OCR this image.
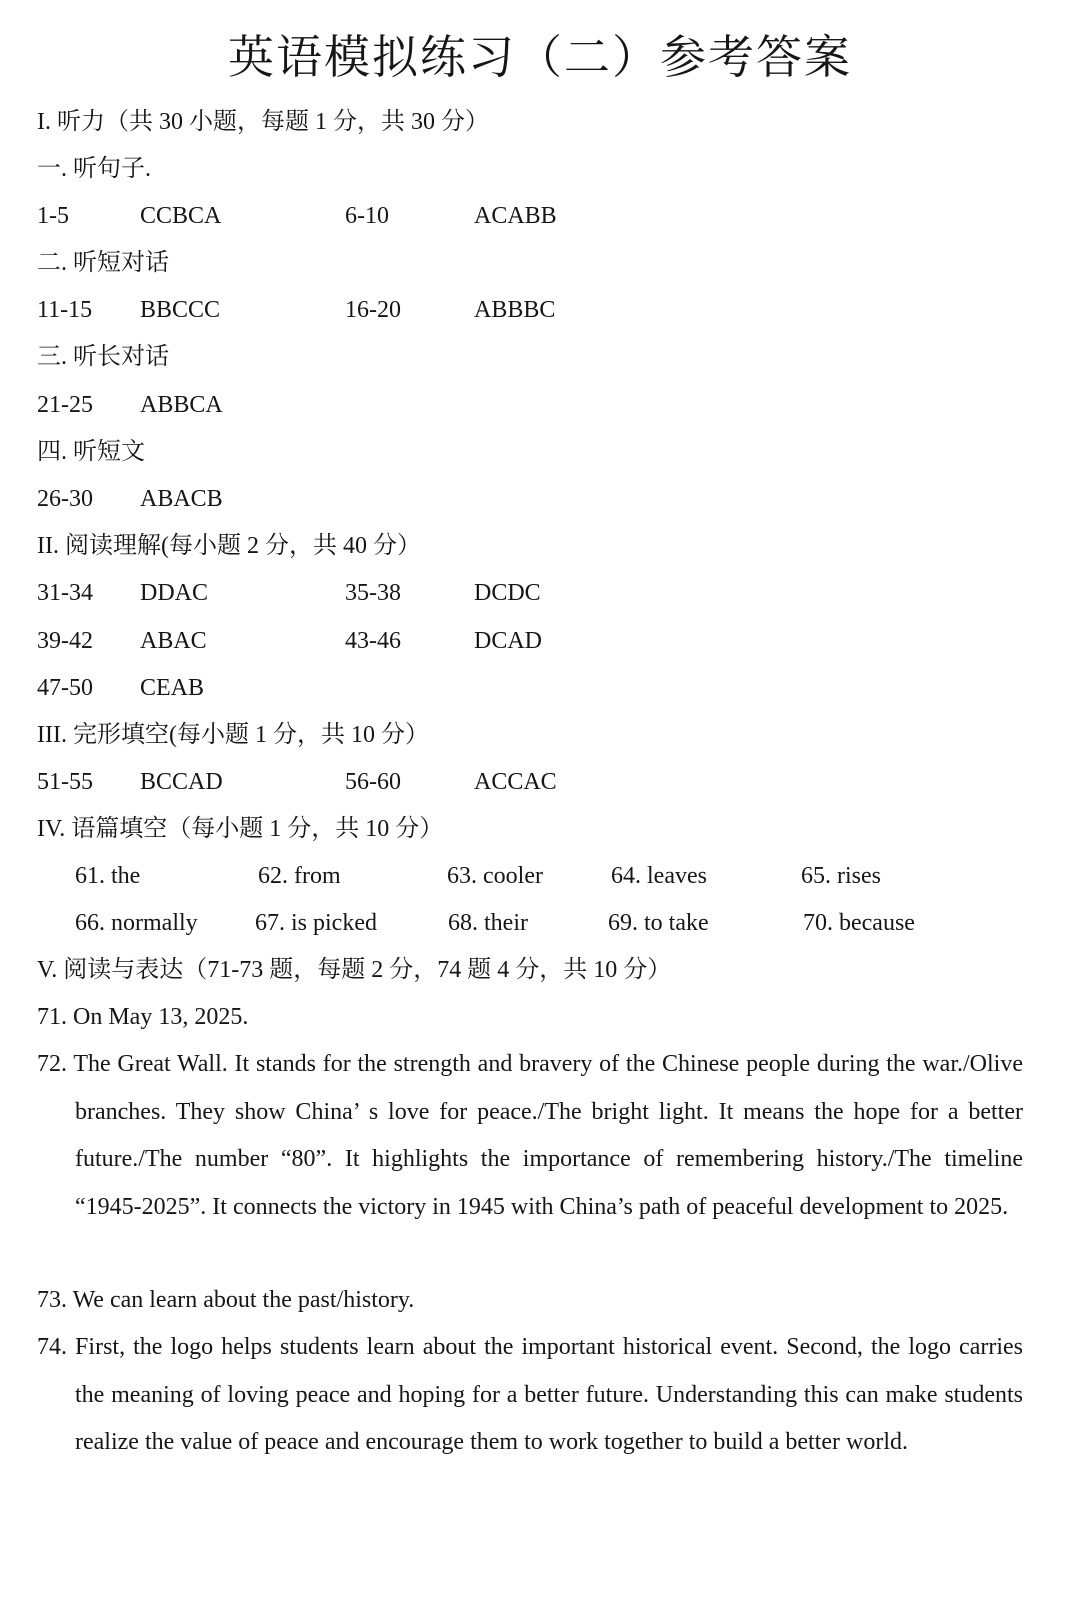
英语模拟练习（二）参考答案
I. 听力（共 30 小题，每题 1 分，共 30 分）
一. 听句子.
1-5	CCBCA	6-10	ACABB
二. 听短对话
11-15 BBCCC	16-20	ABBBC
三. 听长对话
21-25 ABBCA
四. 听短文
26-30 ABACB
II. 阅读理解(每小题 2 分，共 40 分）
31-34 DDAC	35-38	DCDC
39-42 ABAC	43-46	DCAD
47-50 CEAB
III. 完形填空(每小题 1 分，共 10 分）
51-55 BCCAD	56-60	ACCAC
IV. 语篇填空（每小题 1 分，共 10 分）
61. the	62. from	63. cooler	64. leaves	65. rises
66. normally 67. is picked	68. their	69. to take	70. because
V. 阅读与表达（71-73 题，每题 2 分，74 题 4 分，共 10 分）
71. On May 13, 2025.
72. The Great Wall. It stands for the strength and bravery of the Chinese people during the war./Olive branches. They show China’ s love for peace./The bright light. It means the hope for a better future./The number “80”. It highlights the importance of remembering history./The timeline “1945-2025”. It connects the victory in 1945 with China’s path of peaceful development to 2025.
73. We can learn about the past/history.
74. First, the logo helps students learn about the important historical event. Second, the logo carries the meaning of loving peace and hoping for a better future. Understanding this can make students realize the value of peace and encourage them to work together to build a better world.
